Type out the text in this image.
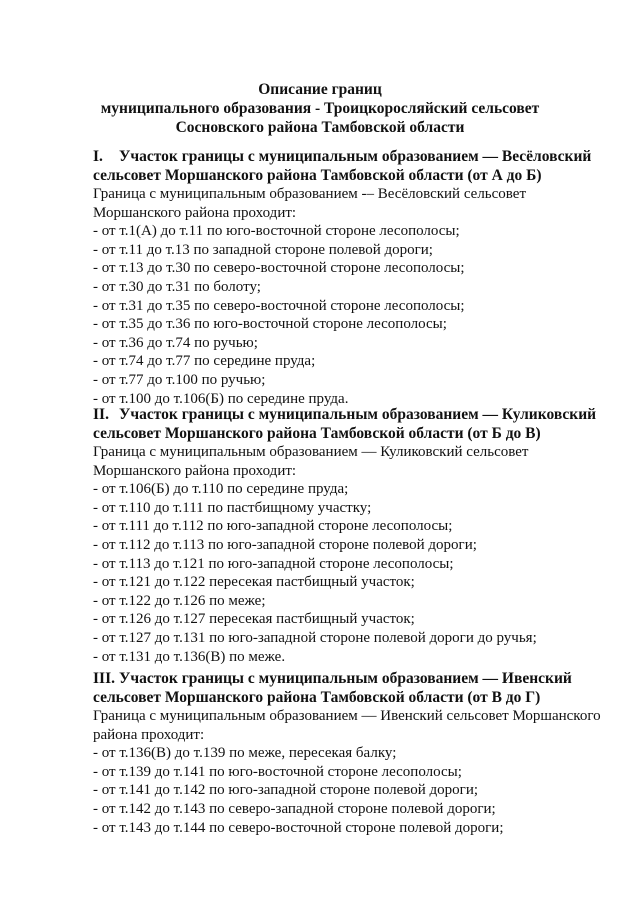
Описание границ
муниципального образования - Троицкоросляйский сельсовет
Сосновского района Тамбовской области
I. Участок границы с муниципальным образованием — Весёловский
сельсовет Моршанского района Тамбовской области (от А до Б)
Граница с муниципальным образованием -– Весёловский сельсовет
Моршанского района проходит:
- от т.1(А) до т.11 по юго-восточной стороне лесополосы;
- от т.11 до т.13 по западной стороне полевой дороги;
- от т.13 до т.30 по северо-восточной стороне лесополосы;
- от т.30 до т.31 по болоту;
- от т.31 до т.35 по северо-восточной стороне лесополосы;
- от т.35 до т.36 по юго-восточной стороне лесополосы;
- от т.36 до т.74 по ручью;
- от т.74 до т.77 по середине пруда;
- от т.77 до т.100 по ручью;
- от т.100 до т.106(Б) по середине пруда.
II. Участок границы с муниципальным образованием — Куликовский
сельсовет Моршанского района Тамбовской области (от Б до В)
Граница с муниципальным образованием — Куликовский сельсовет
Моршанского района проходит:
- от т.106(Б) до т.110 по середине пруда;
- от т.110 до т.111 по пастбищному участку;
- от т.111 до т.112 по юго-западной стороне лесополосы;
- от т.112 до т.113 по юго-западной стороне полевой дороги;
- от т.113 до т.121 по юго-западной стороне лесополосы;
- от т.121 до т.122 пересекая пастбищный участок;
- от т.122 до т.126 по меже;
- от т.126 до т.127 пересекая пастбищный участок;
- от т.127 до т.131 по юго-западной стороне полевой дороги до ручья;
- от т.131 до т.136(В) по меже.
III. Участок границы с муниципальным образованием — Ивенский
сельсовет Моршанского района Тамбовской области (от В до Г)
Граница с муниципальным образованием — Ивенский сельсовет Моршанского
района проходит:
- от т.136(В) до т.139 по меже, пересекая балку;
- от т.139 до т.141 по юго-восточной стороне лесополосы;
- от т.141 до т.142 по юго-западной стороне полевой дороги;
- от т.142 до т.143 по северо-западной стороне полевой дороги;
- от т.143 до т.144 по северо-восточной стороне полевой дороги;
